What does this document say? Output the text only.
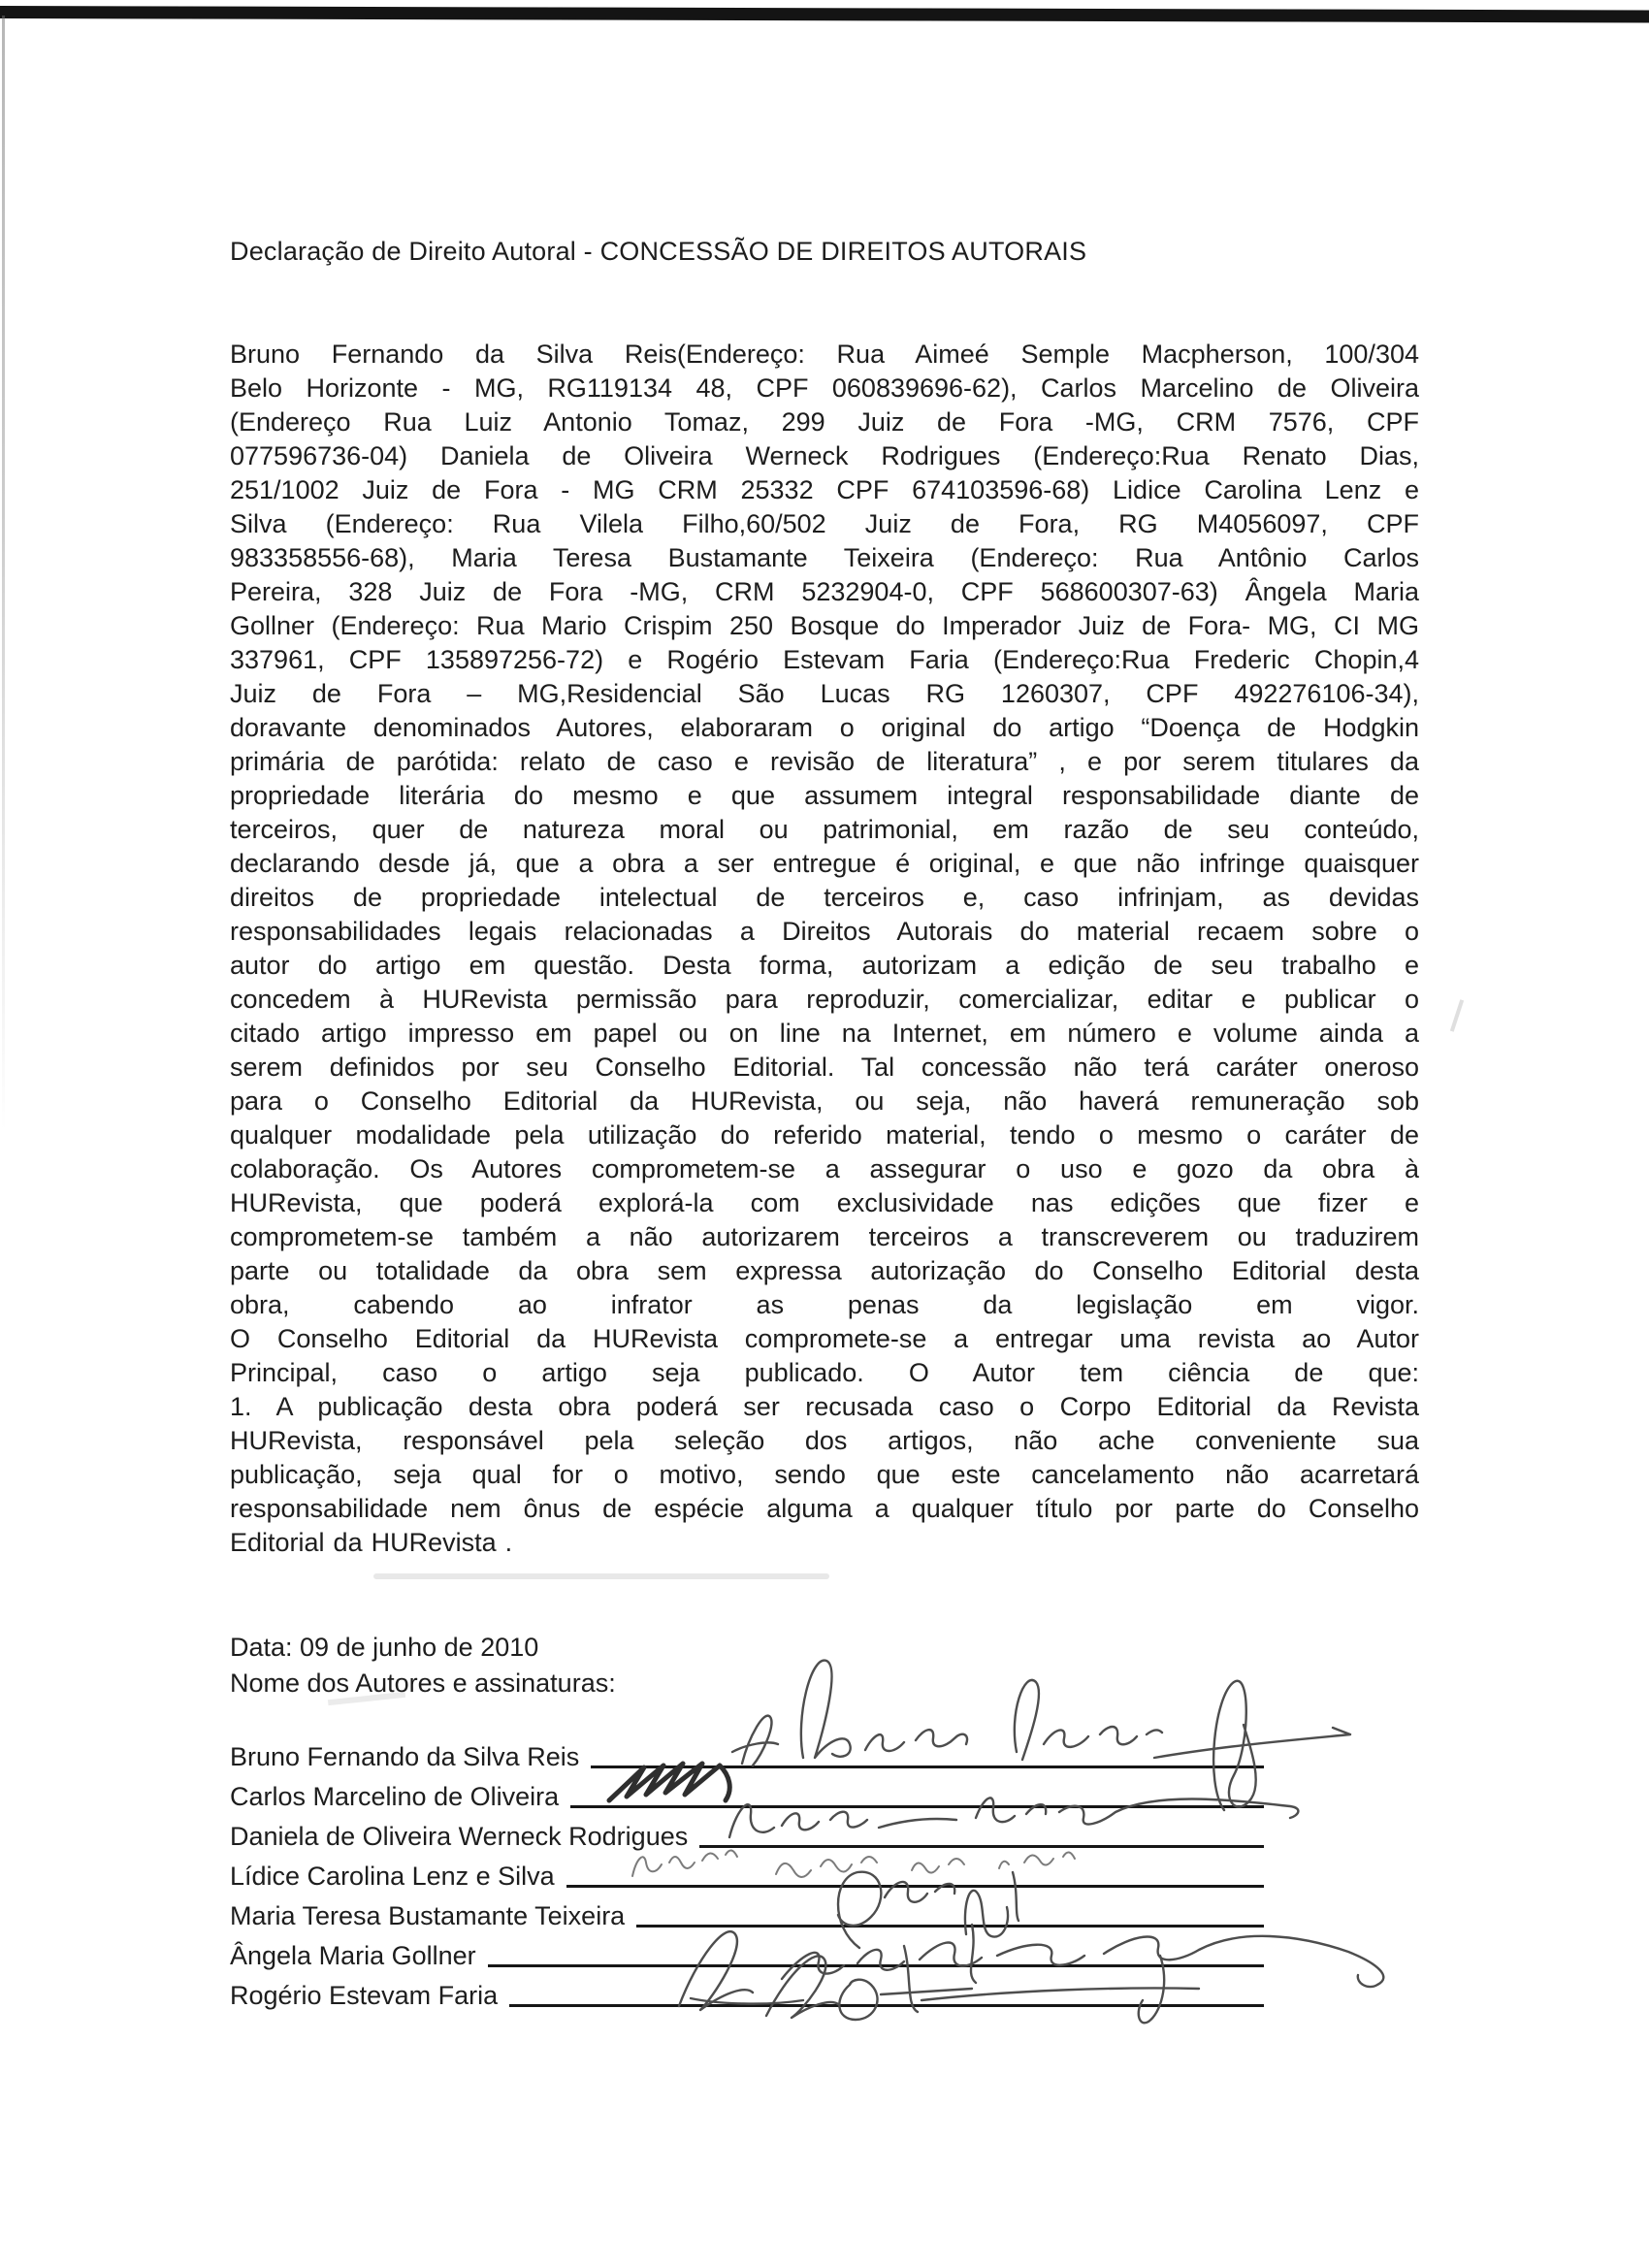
Declaração de Direito Autoral - CONCESSÃO DE DIREITOS AUTORAIS

Bruno Fernando da Silva Reis(Endereço: Rua Aimeé Semple Macpherson, 100/304
Belo Horizonte - MG, RG119134 48, CPF 060839696-62), Carlos Marcelino de Oliveira
(Endereço Rua Luiz Antonio Tomaz, 299 Juiz de Fora -MG, CRM 7576, CPF
077596736-04) Daniela de Oliveira Werneck Rodrigues (Endereço:Rua Renato Dias,
251/1002 Juiz de Fora - MG CRM 25332 CPF 674103596-68) Lidice Carolina Lenz e
Silva (Endereço: Rua Vilela Filho,60/502 Juiz de Fora, RG M4056097, CPF
983358556-68), Maria Teresa Bustamante Teixeira (Endereço: Rua Antônio Carlos
Pereira, 328 Juiz de Fora -MG, CRM 5232904-0, CPF 568600307-63) Ângela Maria
Gollner (Endereço: Rua Mario Crispim 250 Bosque do Imperador Juiz de Fora- MG, CI MG
337961, CPF 135897256-72) e Rogério Estevam Faria (Endereço:Rua Frederic Chopin,4
Juiz de Fora – MG,Residencial São Lucas RG 1260307, CPF 492276106-34),
doravante denominados Autores, elaboraram o original do artigo “Doença de Hodgkin
primária de parótida: relato de caso e revisão de literatura” , e por serem titulares da
propriedade literária do mesmo e que assumem integral responsabilidade diante de
terceiros, quer de natureza moral ou patrimonial, em razão de seu conteúdo,
declarando desde já, que a obra a ser entregue é original, e que não infringe quaisquer
direitos de propriedade intelectual de terceiros e, caso infrinjam, as devidas
responsabilidades legais relacionadas a Direitos Autorais do material recaem sobre o
autor do artigo em questão. Desta forma, autorizam a edição de seu trabalho e
concedem à HURevista permissão para reproduzir, comercializar, editar e publicar o
citado artigo impresso em papel ou on line na Internet, em número e volume ainda a
serem definidos por seu Conselho Editorial. Tal concessão não terá caráter oneroso
para o Conselho Editorial da HURevista, ou seja, não haverá remuneração sob
qualquer modalidade pela utilização do referido material, tendo o mesmo o caráter de
colaboração. Os Autores comprometem-se a assegurar o uso e gozo da obra à
HURevista, que poderá explorá-la com exclusividade nas edições que fizer e
comprometem-se também a não autorizarem terceiros a transcreverem ou traduzirem
parte ou totalidade da obra sem expressa autorização do Conselho Editorial desta
obra, cabendo ao infrator as penas da legislação em vigor.
O Conselho Editorial da HURevista compromete-se a entregar uma revista ao Autor
Principal, caso o artigo seja publicado. O Autor tem ciência de que:
1. A publicação desta obra poderá ser recusada caso o Corpo Editorial da Revista
HURevista, responsável pela seleção dos artigos, não ache conveniente sua
publicação, seja qual for o motivo, sendo que este cancelamento não acarretará
responsabilidade nem ônus de espécie alguma a qualquer título por parte do Conselho
Editorial da HURevista .

Data: 09 de junho de 2010

Nome dos Autores e assinaturas:

Bruno Fernando da Silva Reis
Carlos Marcelino de Oliveira
Daniela de Oliveira Werneck Rodrigues
Lídice Carolina Lenz e Silva
Maria Teresa Bustamante Teixeira
Ângela Maria Gollner
Rogério Estevam Faria
